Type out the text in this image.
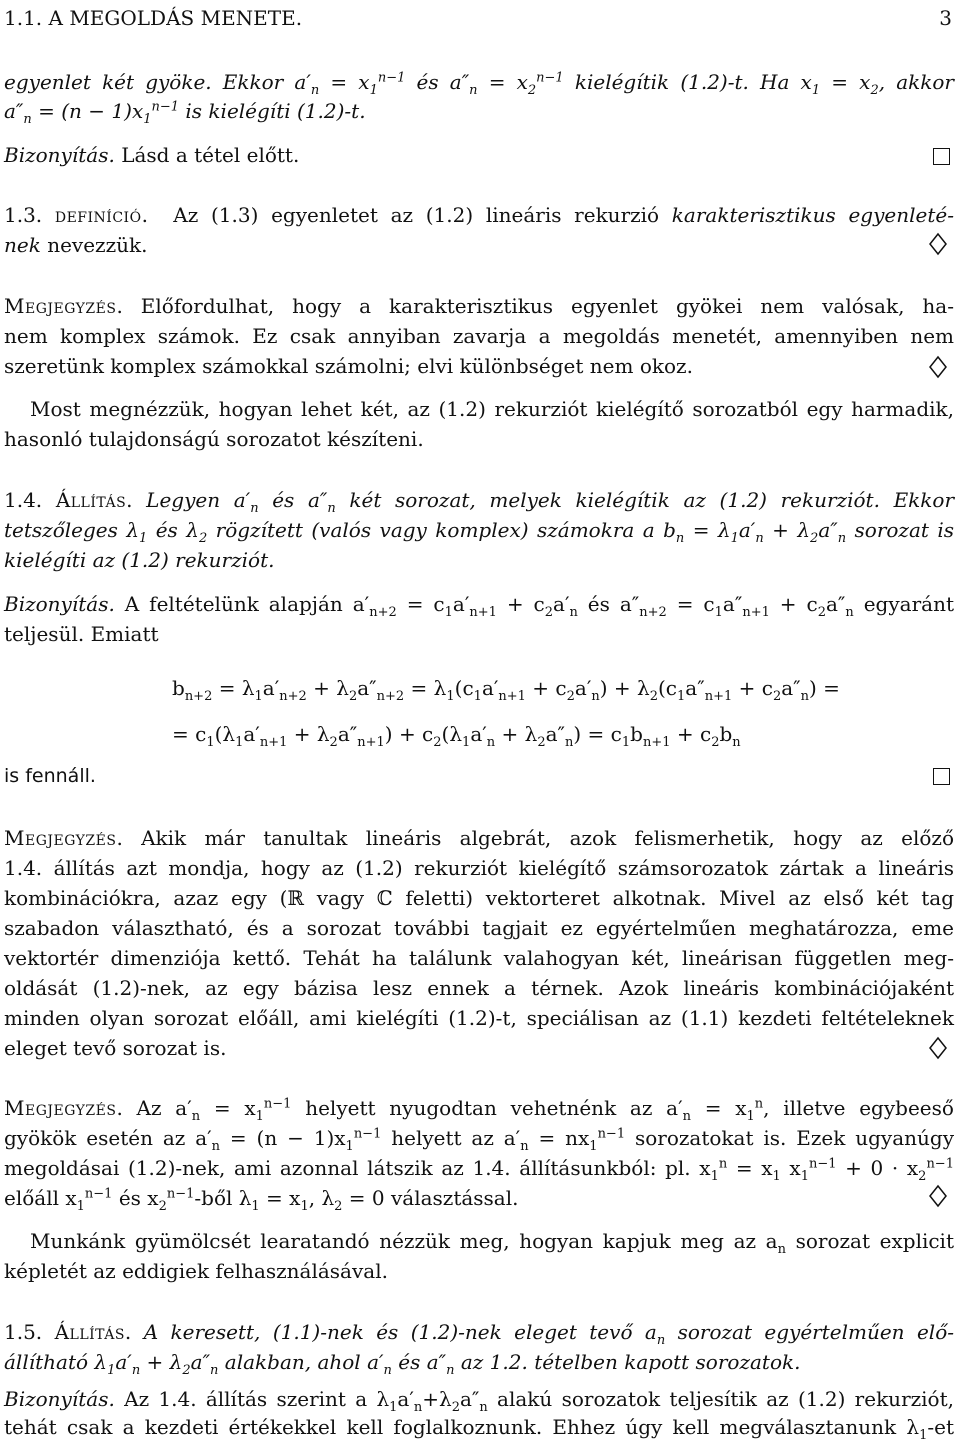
1.1. A MEGOLDÁS MENETE.	3
egyenlet két gyöke. Ekkor $a'_n = x_1^{n-1}$ és $a''_n = x_2^{n-1}$ kielégítik (1.2)-t. Ha $x_1 = x_2$, akkor
$a''_n = (n - 1)x_1^{n-1}$ is kielégíti (1.2)-t.
Bizonyítás. Lásd a tétel előtt.
1.3. definíció.  Az (1.3) egyenletet az (1.2) lineáris rekurzió karakterisztikus egyenleté-
nek nevezzük.
Megjegyzés. Előfordulhat, hogy a karakterisztikus egyenlet gyökei nem valósak, ha-
nem komplex számok. Ez csak annyiban zavarja a megoldás menetét, amennyiben nem
szeretünk komplex számokkal számolni; elvi különbséget nem okoz.
Most megnézzük, hogyan lehet két, az (1.2) rekurziót kielégítő sorozatból egy harmadik,
hasonló tulajdonságú sorozatot készíteni.
1.4. Állítás. Legyen $a'_n$ és $a''_n$ két sorozat, melyek kielégítik az (1.2) rekurziót. Ekkor
tetszőleges $\lambda_1$ és $\lambda_2$ rögzített (valós vagy komplex) számokra a $b_n = \lambda_1a'_n + \lambda_2a''_n$ sorozat is
kielégíti az (1.2) rekurziót.
Bizonyítás. A feltételünk alapján $a'_{n+2} = c_1a'_{n+1} + c_2a'_n$ és $a''_{n+2} = c_1a''_{n+1} + c_2a''_n$ egyaránt
teljesül. Emiatt
$b_{n+2} = \lambda_1a'_{n+2} + \lambda_2a''_{n+2} = \lambda_1(c_1a'_{n+1} + c_2a'_n) + \lambda_2(c_1a''_{n+1} + c_2a''_n)$ =
= $c_1(\lambda_1a'_{n+1} + \lambda_2a''_{n+1}) + c_2(\lambda_1a'_n + \lambda_2a''_n) = c_1b_{n+1} + c_2b_n$
is fennáll.
Megjegyzés. Akik már tanultak lineáris algebrát, azok felismerhetik, hogy az előző
1.4. állítás azt mondja, hogy az (1.2) rekurziót kielégítő számsorozatok zártak a lineáris
kombinációkra, azaz egy (ℝ vagy ℂ feletti) vektorteret alkotnak. Mivel az első két tag
szabadon választható, és a sorozat további tagjait ez egyértelműen meghatározza, eme
vektortér dimenziója kettő. Tehát ha találunk valahogyan két, lineárisan független meg-
oldását (1.2)-nek, az egy bázisa lesz ennek a térnek. Azok lineáris kombinációjaként
minden olyan sorozat előáll, ami kielégíti (1.2)-t, speciálisan az (1.1) kezdeti feltételeknek
eleget tevő sorozat is.
Megjegyzés. Az $a'_n = x_1^{n-1}$ helyett nyugodtan vehetnénk az $a'_n = x_1^n$, illetve egybeeső
gyökök esetén az $a'_n = (n - 1)x_1^{n-1}$ helyett az $a'_n = nx_1^{n-1}$ sorozatokat is. Ezek ugyanúgy
megoldásai (1.2)-nek, ami azonnal látszik az 1.4. állításunkból: pl. $x_1^n = x_1$ $x_1^{n-1} + 0 \cdot x_2^{n-1}$
előáll $x_1^{n-1}$ és $x_2^{n-1}$-ből $\lambda_1 = x_1$, $\lambda_2 = 0$ választással.
Munkánk gyümölcsét learatandó nézzük meg, hogyan kapjuk meg az $a_n$ sorozat explicit
képletét az eddigiek felhasználásával.
1.5. Állítás. A keresett, (1.1)-nek és (1.2)-nek eleget tevő $a_n$ sorozat egyértelműen elő-
állítható $\lambda_1a'_n + \lambda_2a''_n$ alakban, ahol $a'_n$ és $a''_n$ az 1.2. tételben kapott sorozatok.
Bizonyítás. Az 1.4. állítás szerint a $\lambda_1a'_n+\lambda_2a''_n$ alakú sorozatok teljesítik az (1.2) rekurziót,
tehát csak a kezdeti értékekkel kell foglalkoznunk. Ehhez úgy kell megválasztanunk $\lambda_1-et$
